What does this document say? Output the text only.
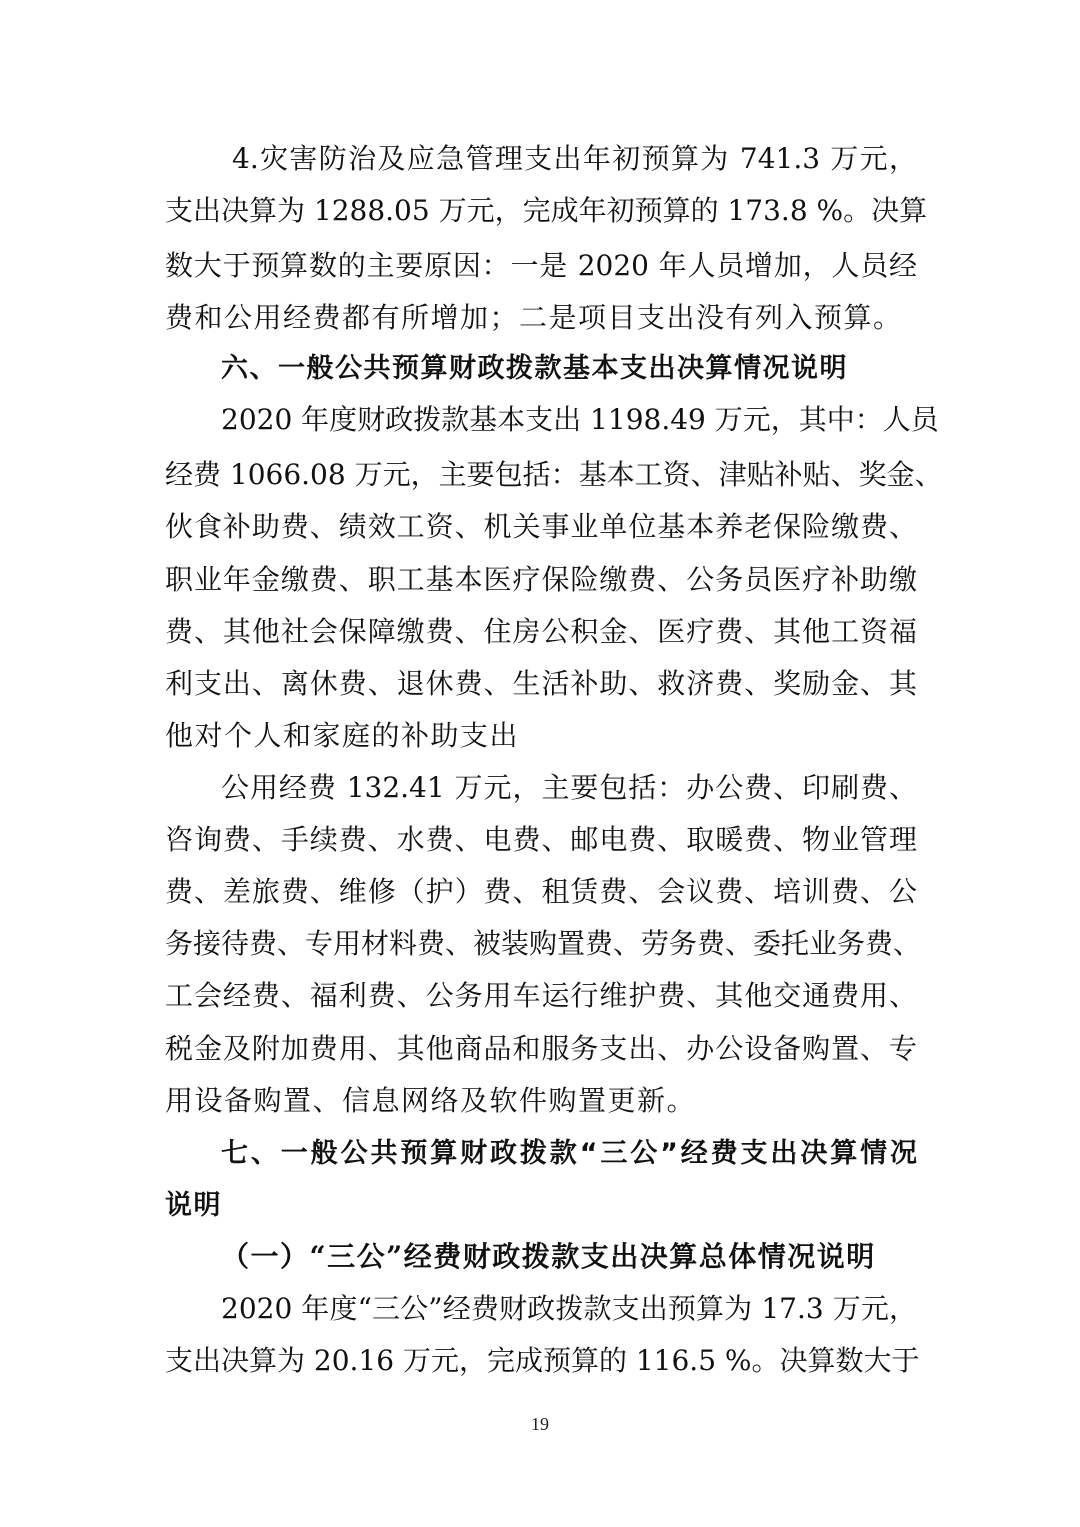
4.灾害防治及应急管理支出年初预算为 741.3 万元，
支出决算为 1288.05 万元，完成年初预算的 173.8 %。决算
数大于预算数的主要原因：一是 2020 年人员增加，人员经
费和公用经费都有所增加；二是项目支出没有列入预算。
六、一般公共预算财政拨款基本支出决算情况说明
2020 年度财政拨款基本支出 1198.49 万元，其中：人员
经费 1066.08 万元，主要包括：基本工资、津贴补贴、奖金、
伙食补助费、绩效工资、机关事业单位基本养老保险缴费、
职业年金缴费、职工基本医疗保险缴费、公务员医疗补助缴
费、其他社会保障缴费、住房公积金、医疗费、其他工资福
利支出、离休费、退休费、生活补助、救济费、奖励金、其
他对个人和家庭的补助支出
公用经费 132.41 万元，主要包括：办公费、印刷费、
咨询费、手续费、水费、电费、邮电费、取暖费、物业管理
费、差旅费、维修（护）费、租赁费、会议费、培训费、公
务接待费、专用材料费、被装购置费、劳务费、委托业务费、
工会经费、福利费、公务用车运行维护费、其他交通费用、
税金及附加费用、其他商品和服务支出、办公设备购置、专
用设备购置、信息网络及软件购置更新。
七、一般公共预算财政拨款“三公”经费支出决算情况
说明
（一）“三公”经费财政拨款支出决算总体情况说明
2020 年度“三公”经费财政拨款支出预算为 17.3 万元，
支出决算为 20.16 万元，完成预算的 116.5 %。决算数大于
19
